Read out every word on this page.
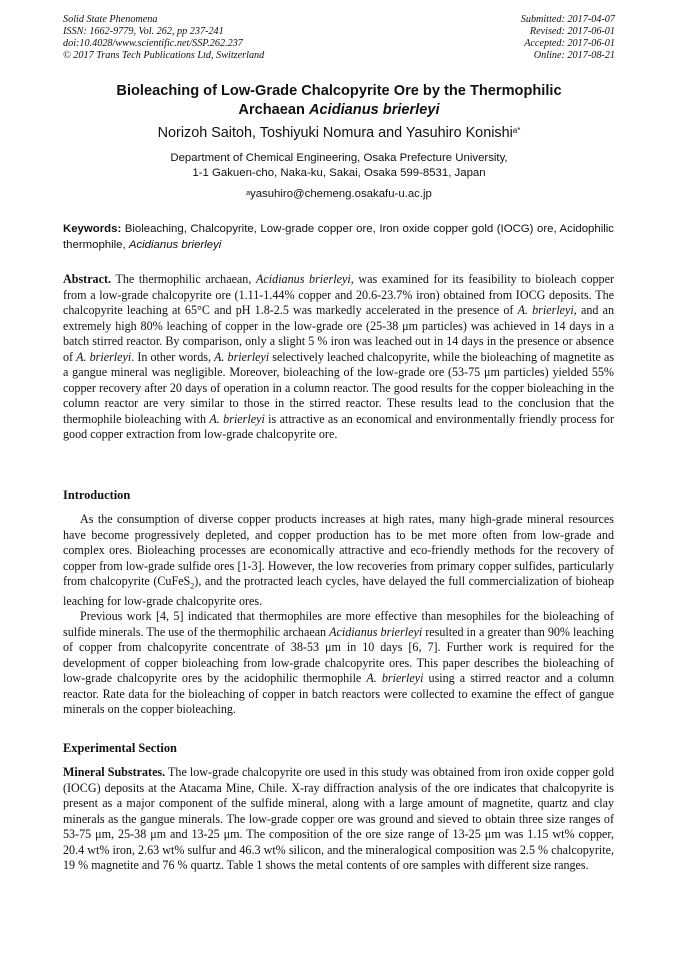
Solid State Phenomena
ISSN: 1662-9779, Vol. 262, pp 237-241
doi:10.4028/www.scientific.net/SSP.262.237
© 2017 Trans Tech Publications Ltd, Switzerland
Submitted: 2017-04-07
Revised: 2017-06-01
Accepted: 2017-06-01
Online: 2017-08-21
Bioleaching of Low-Grade Chalcopyrite Ore by the Thermophilic
Archaean Acidianus brierleyi
Norizoh Saitoh, Toshiyuki Nomura and Yasuhiro Konishi$^{a*}$
Department of Chemical Engineering, Osaka Prefecture University,
1-1 Gakuen-cho, Naka-ku, Sakai, Osaka 599-8531, Japan
$^a$yasuhiro@chemeng.osakafu-u.ac.jp
Keywords: Bioleaching, Chalcopyrite, Low-grade copper ore, Iron oxide copper gold (IOCG) ore, Acidophilic thermophile, Acidianus brierleyi

Abstract. The thermophilic archaean, Acidianus brierleyi, was examined for its feasibility to bioleach copper from a low-grade chalcopyrite ore (1.11-1.44% copper and 20.6-23.7% iron) obtained from IOCG deposits. The chalcopyrite leaching at 65°C and pH 1.8-2.5 was markedly accelerated in the presence of A. brierleyi, and an extremely high 80% leaching of copper in the low-grade ore (25-38 μm particles) was achieved in 14 days in a batch stirred reactor. By comparison, only a slight 5 % iron was leached out in 14 days in the presence or absence of A. brierleyi. In other words, A. brierleyi selectively leached chalcopyrite, while the bioleaching of magnetite as a gangue mineral was negligible. Moreover, bioleaching of the low-grade ore (53-75 μm particles) yielded 55% copper recovery after 20 days of operation in a column reactor. The good results for the copper bioleaching in the column reactor are very similar to those in the stirred reactor. These results lead to the conclusion that the thermophile bioleaching with A. brierleyi is attractive as an economical and environmentally friendly process for good copper extraction from low-grade chalcopyrite ore.

Introduction

As the consumption of diverse copper products increases at high rates, many high-grade mineral resources have become progressively depleted, and copper production has to be met more often from low-grade and complex ores. Bioleaching processes are economically attractive and eco-friendly methods for the recovery of copper from low-grade sulfide ores [1-3]. However, the low recoveries from primary copper sulfides, particularly from chalcopyrite (CuFeS$_2$), and the protracted leach cycles, have delayed the full commercialization of bioheap leaching for low-grade chalcopyrite ores.

Previous work [4, 5] indicated that thermophiles are more effective than mesophiles for the bioleaching of sulfide minerals. The use of the thermophilic archaean Acidianus brierleyi resulted in a greater than 90% leaching of copper from chalcopyrite concentrate of 38-53 μm in 10 days [6, 7]. Further work is required for the development of copper bioleaching from low-grade chalcopyrite ores. This paper describes the bioleaching of low-grade chalcopyrite ores by the acidophilic thermophile A. brierleyi using a stirred reactor and a column reactor. Rate data for the bioleaching of copper in batch reactors were collected to examine the effect of gangue minerals on the copper bioleaching.

Experimental Section

Mineral Substrates. The low-grade chalcopyrite ore used in this study was obtained from iron oxide copper gold (IOCG) deposits at the Atacama Mine, Chile. X-ray diffraction analysis of the ore indicates that chalcopyrite is present as a major component of the sulfide mineral, along with a large amount of magnetite, quartz and clay minerals as the gangue minerals. The low-grade copper ore was ground and sieved to obtain three size ranges of 53-75 μm, 25-38 μm and 13-25 μm. The composition of the ore size range of 13-25 μm was 1.15 wt% copper, 20.4 wt% iron, 2.63 wt% sulfur and 46.3 wt% silicon, and the mineralogical composition was 2.5 % chalcopyrite, 19 % magnetite and 76 % quartz. Table 1 shows the metal contents of ore samples with different size ranges.
